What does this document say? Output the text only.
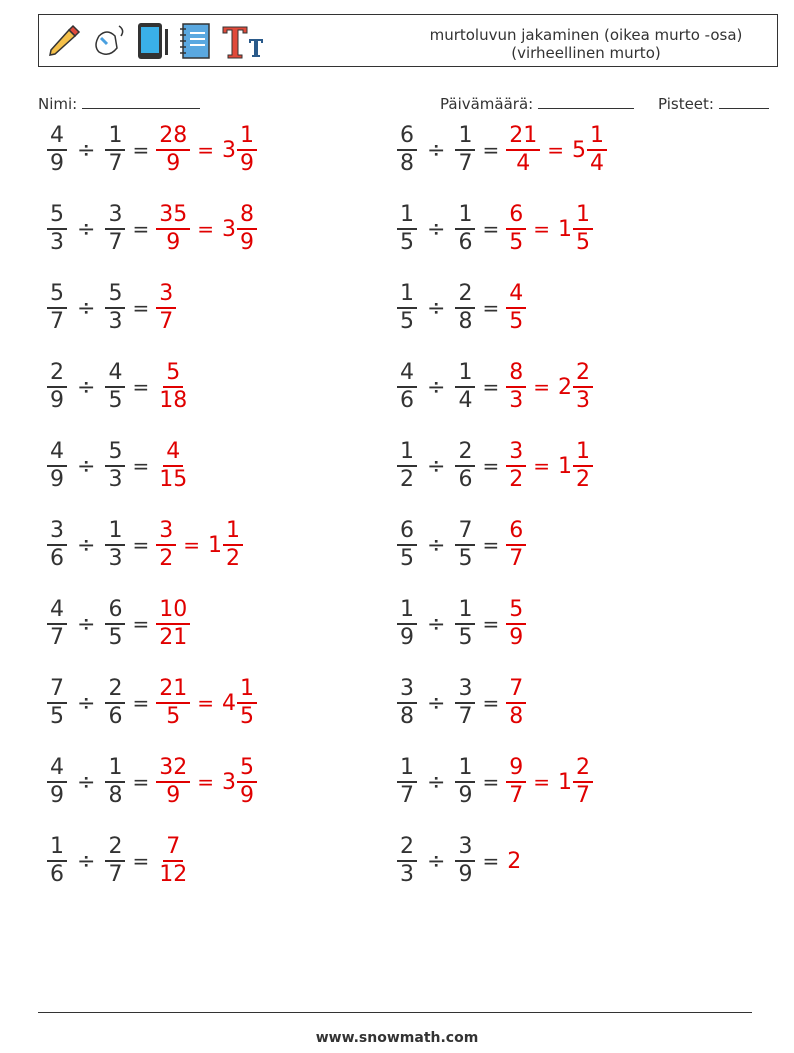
murtoluvun jakaminen (oikea murto -osa)
(virheellinen murto)
Nimi:	Päivämäärä:	Pisteet:
$\frac{4}{9} \div \frac{1}{7} = \frac{28}{9} = 3 \frac{1}{9}$	$\frac{6}{8} \div \frac{1}{7} = \frac{21}{4} = 5 \frac{1}{4}$
$\frac{5}{3} \div \frac{3}{7} = \frac{35}{9} = 3 \frac{8}{9}$	$\frac{1}{5} \div \frac{1}{6} = \frac{6}{5} = 1 \frac{1}{5}$
$\frac{5}{7} \div \frac{5}{3} = \frac{3}{7}$	$\frac{1}{5} \div \frac{2}{8} = \frac{4}{5}$
$\frac{2}{9} \div \frac{4}{5} = \frac{5}{18}$	$\frac{4}{6} \div \frac{1}{4} = \frac{8}{3} = 2 \frac{2}{3}$
$\frac{4}{9} \div \frac{5}{3} = \frac{4}{15}$	$\frac{1}{2} \div \frac{2}{6} = \frac{3}{2} = 1 \frac{1}{2}$
$\frac{3}{6} \div \frac{1}{3} = \frac{3}{2} = 1 \frac{1}{2}$	$\frac{6}{5} \div \frac{7}{5} = \frac{6}{7}$
$\frac{4}{7} \div \frac{6}{5} = \frac{10}{21}$	$\frac{1}{9} \div \frac{1}{5} = \frac{5}{9}$
$\frac{7}{5} \div \frac{2}{6} = \frac{21}{5} = 4 \frac{1}{5}$	$\frac{3}{8} \div \frac{3}{7} = \frac{7}{8}$
$\frac{4}{9} \div \frac{1}{8} = \frac{32}{9} = 3 \frac{5}{9}$	$\frac{1}{7} \div \frac{1}{9} = \frac{9}{7} = 1 \frac{2}{7}$
$\frac{1}{6} \div \frac{2}{7} = \frac{7}{12}$	$\frac{2}{3} \div \frac{3}{9} = 2$
www.snowmath.com
